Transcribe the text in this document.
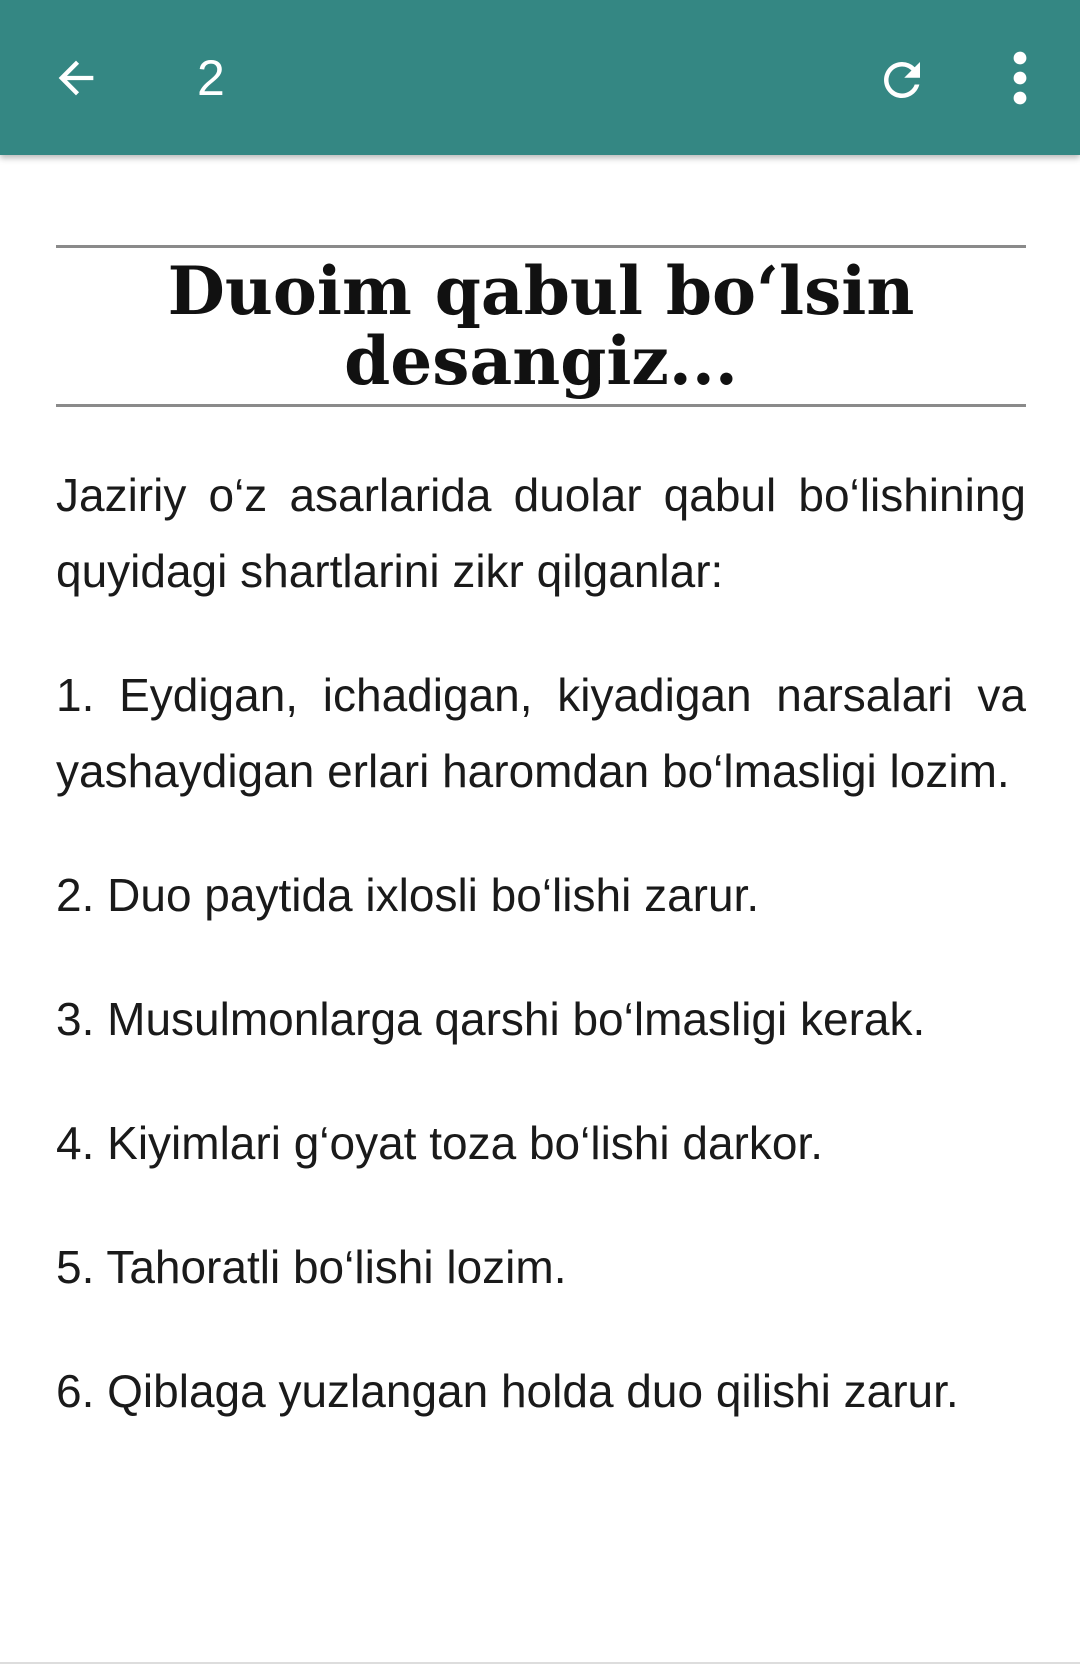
2
Duoim qabul bo‘lsin desangiz...

Jaziriy o‘z asarlarida duolar qabul bo‘lishining quyidagi shartlarini zikr qilganlar:

1. Eydigan, ichadigan, kiyadigan narsalari va yashaydigan erlari haromdan bo‘lmasligi lozim.

2. Duo paytida ixlosli bo‘lishi zarur.

3. Musulmonlarga qarshi bo‘lmasligi kerak.

4. Kiyimlari g‘oyat toza bo‘lishi darkor.

5. Tahoratli bo‘lishi lozim.

6. Qiblaga yuzlangan holda duo qilishi zarur.
